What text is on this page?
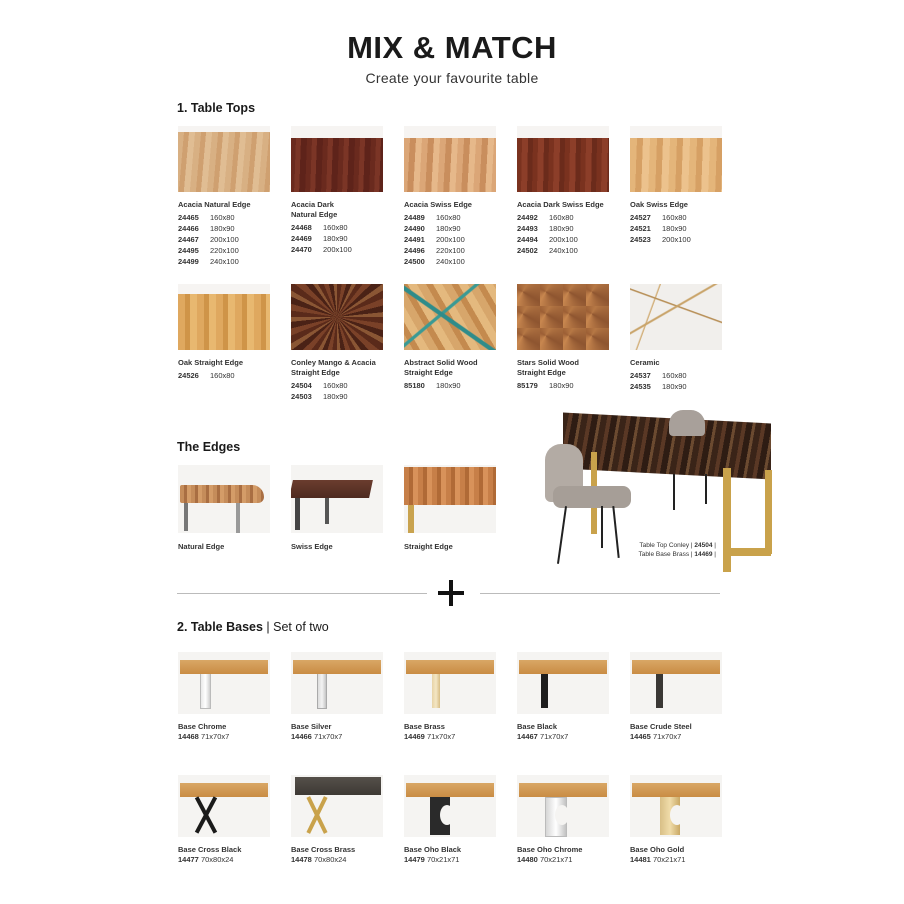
MIX & MATCH
Create your favourite table
1. Table Tops
Acacia Natural Edge
24465	160x80
24466	180x90
24467	200x100
24495	220x100
24499	240x100
Acacia Dark Natural Edge
24468	160x80
24469	180x90
24470	200x100
Acacia Swiss Edge
24489	160x80
24490	180x90
24491	200x100
24496	220x100
24500	240x100
Acacia Dark Swiss Edge
24492	160x80
24493	180x90
24494	200x100
24502	240x100
Oak Swiss Edge
24527	160x80
24521	180x90
24523	200x100
Oak Straight Edge
24526	160x80
Conley Mango & Acacia Straight Edge
24504	160x80
24503	180x90
Abstract Solid Wood Straight Edge
85180	180x90
Stars Solid Wood Straight Edge
85179	180x90
Ceramic
24537	160x80
24535	180x90
The Edges
Natural Edge	Swiss Edge	Straight Edge	Table Top Conley | 24504 |
Table Base Brass | 14469 |
2. Table Bases | Set of two
Base Chrome
14468 71x70x7
Base Silver
14466 71x70x7
Base Brass
14469 71x70x7
Base Black
14467 71x70x7
Base Crude Steel
14465 71x70x7
Base Cross Black
14477 70x80x24
Base Cross Brass
14478 70x80x24
Base Oho Black
14479 70x21x71
Base Oho Chrome
14480 70x21x71
Base Oho Gold
14481 70x21x71
